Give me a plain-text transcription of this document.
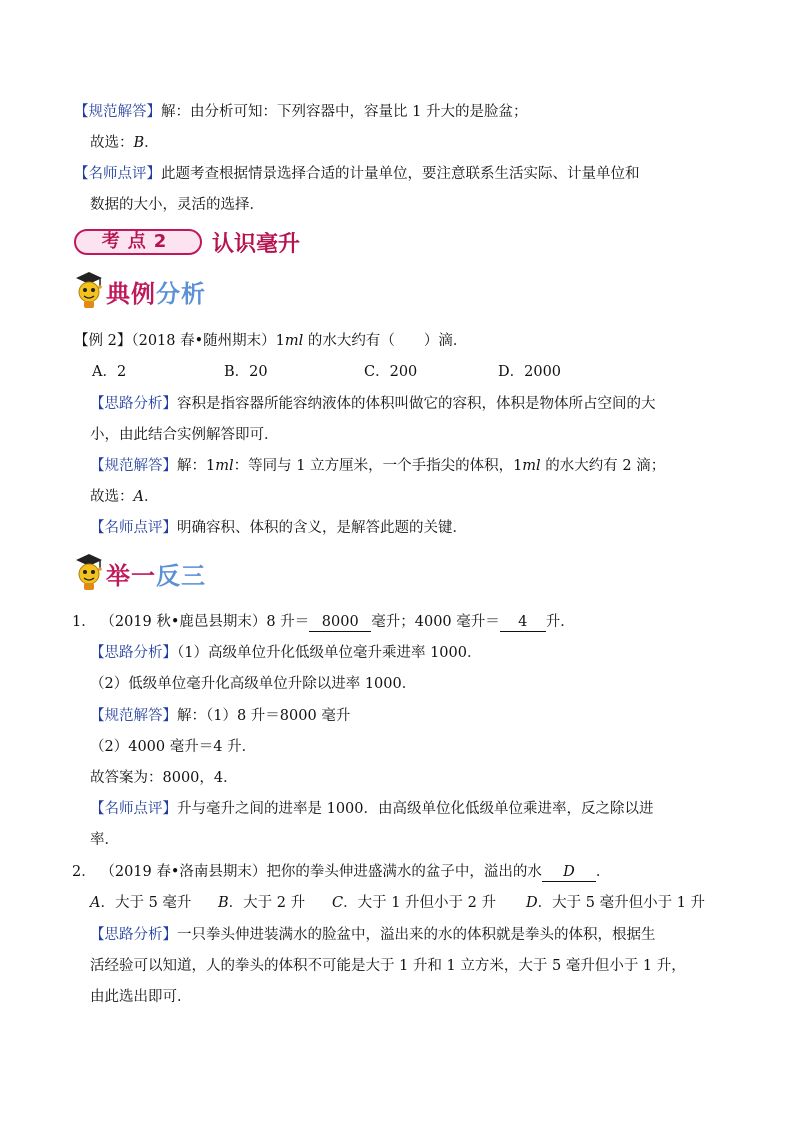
【规范解答】解：由分析可知：下列容器中，容量比 1 升大的是脸盆；
故选：B．
【名师点评】此题考查根据情景选择合适的计量单位，要注意联系生活实际、计量单位和
数据的大小，灵活的选择．
考点2	认识毫升
典例分析
【例 2】（2018 春•随州期末）1ml 的水大约有（　　）滴．
A．2	B．20	C．200	D．2000
【思路分析】容积是指容器所能容纳液体的体积叫做它的容积，体积是物体所占空间的大
小，由此结合实例解答即可．
【规范解答】解：1ml：等同与 1 立方厘米，一个手指尖的体积，1ml 的水大约有 2 滴；
故选：A．
【名师点评】明确容积、体积的含义，是解答此题的关键．
举一反三
1． （2019 秋•鹿邑县期末）8 升＝ 8000 毫升；4000 毫升＝ 4 升．
【思路分析】（1）高级单位升化低级单位毫升乘进率 1000．
（2）低级单位毫升化高级单位升除以进率 1000．
【规范解答】解：（1）8 升＝8000 毫升
（2）4000 毫升＝4 升．
故答案为：8000，4．
【名师点评】升与毫升之间的进率是 1000．由高级单位化低级单位乘进率，反之除以进
率．
2． （2019 春•洛南县期末）把你的拳头伸进盛满水的盆子中，溢出的水 D ．
A．大于 5 毫升 B．大于 2 升 C．大于 1 升但小于 2 升 D．大于 5 毫升但小于 1 升
【思路分析】一只拳头伸进装满水的脸盆中，溢出来的水的体积就是拳头的体积，根据生
活经验可以知道，人的拳头的体积不可能是大于 1 升和 1 立方米，大于 5 毫升但小于 1 升，
由此选出即可．
